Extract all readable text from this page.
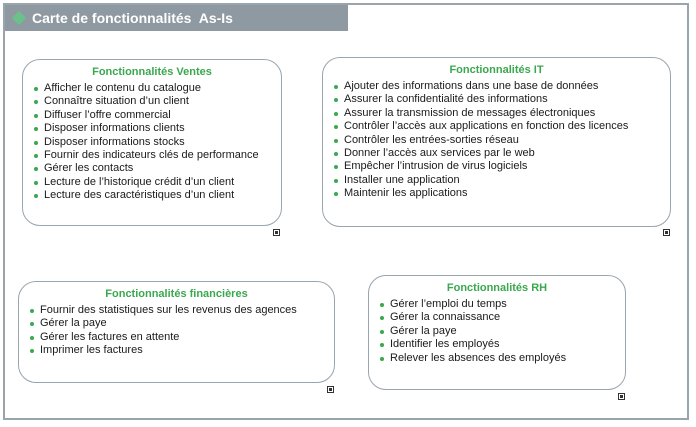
Carte de fonctionnalités  As-Is
Fonctionnalités Ventes
Afficher le contenu du catalogue
Connaître situation d’un client
Diffuser l’offre commercial
Disposer informations clients
Disposer informations stocks
Fournir des indicateurs clés de performance
Gérer les contacts
Lecture de l’historique crédit d’un client
Lecture des caractéristiques d’un client
Fonctionnalités IT
Ajouter des informations dans une base de données
Assurer la confidentialité des informations
Assurer la transmission de messages électroniques
Contrôler l’accès aux applications en fonction des licences
Contrôler les entrées-sorties réseau
Donner l’accès aux services par le web
Empêcher l’intrusion de virus logiciels
Installer une application
Maintenir les applications
Fonctionnalités financières
Fournir des statistiques sur les revenus des agences
Gérer la paye
Gérer les factures en attente
Imprimer les factures
Fonctionnalités RH
Gérer l’emploi du temps
Gérer la connaissance
Gérer la paye
Identifier les employés
Relever les absences des employés
